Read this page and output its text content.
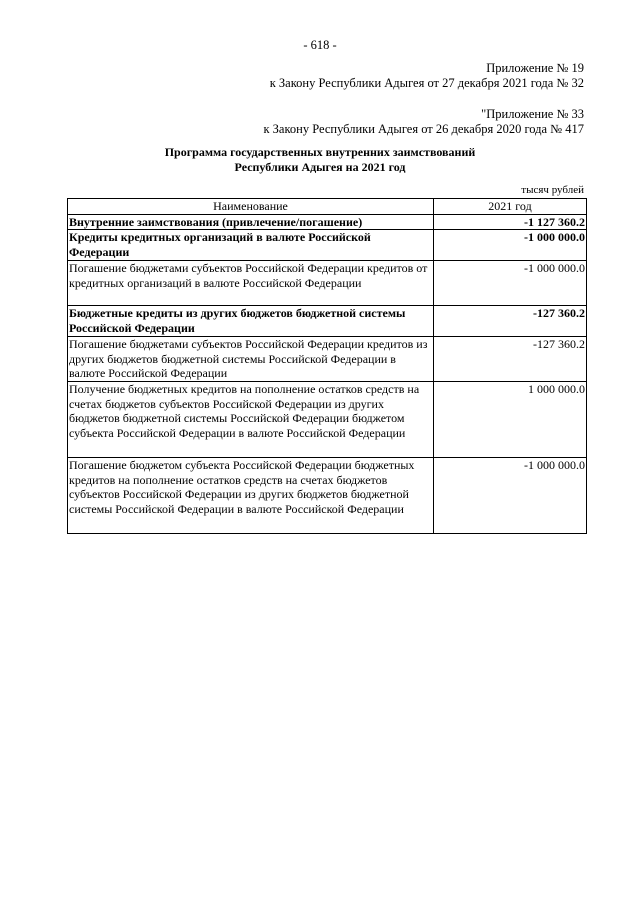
- 618 -
Приложение № 19
к Закону Республики Адыгея от 27 декабря 2021 года № 32
"Приложение № 33
к Закону Республики Адыгея от 26 декабря 2020 года № 417
Программа государственных внутренних заимствований
Республики Адыгея на 2021 год
тысяч рублей
Наименование	2021 год
Внутренние заимствования (привлечение/погашение)	-1 127 360.2
Кредиты кредитных организаций в валюте Российской Федерации	-1 000 000.0
Погашение бюджетами субъектов Российской Федерации кредитов от кредитных организаций в валюте Российской Федерации	-1 000 000.0
Бюджетные кредиты из других бюджетов бюджетной системы Российской Федерации	-127 360.2
Погашение бюджетами субъектов Российской Федерации кредитов из других бюджетов бюджетной системы Российской Федерации в валюте Российской Федерации	-127 360.2
Получение бюджетных кредитов на пополнение остатков средств на счетах бюджетов субъектов Российской Федерации из других бюджетов бюджетной системы Российской Федерации бюджетом субъекта Российской Федерации в валюте Российской Федерации	1 000 000.0
Погашение бюджетом субъекта Российской Федерации бюджетных кредитов на пополнение остатков средств на счетах бюджетов субъектов Российской Федерации из других бюджетов бюджетной системы Российской Федерации в валюте Российской Федерации	-1 000 000.0
